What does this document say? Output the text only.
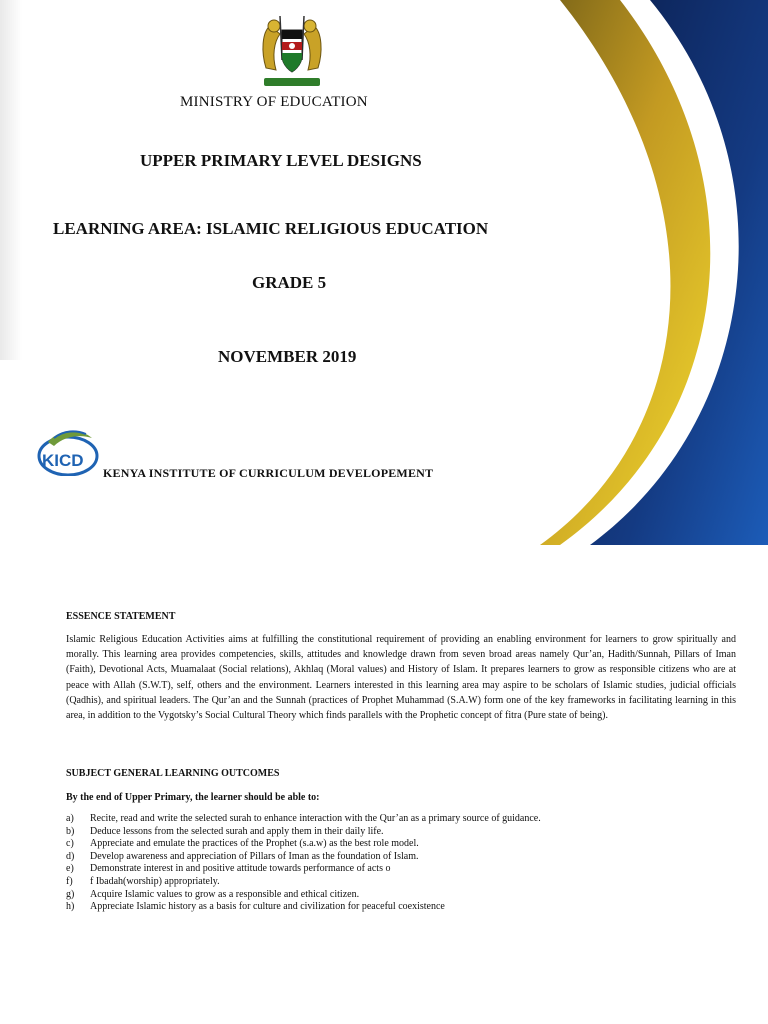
MINISTRY OF EDUCATION
UPPER PRIMARY LEVEL DESIGNS
LEARNING AREA: ISLAMIC RELIGIOUS EDUCATION
GRADE 5
NOVEMBER 2019
KICD
KENYA INSTITUTE OF CURRICULUM DEVELOPEMENT
ESSENCE STATEMENT
Islamic Religious Education Activities aims at fulfilling the constitutional requirement of providing an enabling environment for learners to grow spiritually and morally. This learning area provides competencies, skills, attitudes and knowledge drawn from seven broad areas namely Qur’an, Hadith/Sunnah, Pillars of Iman (Faith), Devotional Acts, Muamalaat (Social relations), Akhlaq (Moral values) and History of Islam. It prepares learners to grow as responsible citizens who are at peace with Allah (S.W.T), self, others and the environment. Learners interested in this learning area may aspire to be scholars of Islamic studies, judicial officials (Qadhis), and spiritual leaders. The Qur’an and the Sunnah (practices of Prophet Muhammad (S.A.W) form one of the key frameworks in facilitating learning in this area, in addition to the Vygotsky’s Social Cultural Theory which finds parallels with the Prophetic concept of fitra (Pure state of being).
SUBJECT GENERAL LEARNING OUTCOMES
By the end of Upper Primary, the learner should be able to:
a)	Recite, read and write the selected surah to enhance interaction with the Qur’an as a primary source of guidance.
b)	Deduce lessons from the selected surah and apply them in their daily life.
c)	Appreciate and emulate the practices of the Prophet (s.a.w) as the best role model.
d)	Develop awareness and appreciation of Pillars of Iman as the foundation of Islam.
e)	Demonstrate interest in and positive attitude towards performance of acts o
f)	f Ibadah(worship) appropriately.
g)	Acquire Islamic values to grow as a responsible and ethical citizen.
h)	Appreciate Islamic history as a basis for culture and civilization for peaceful coexistence
